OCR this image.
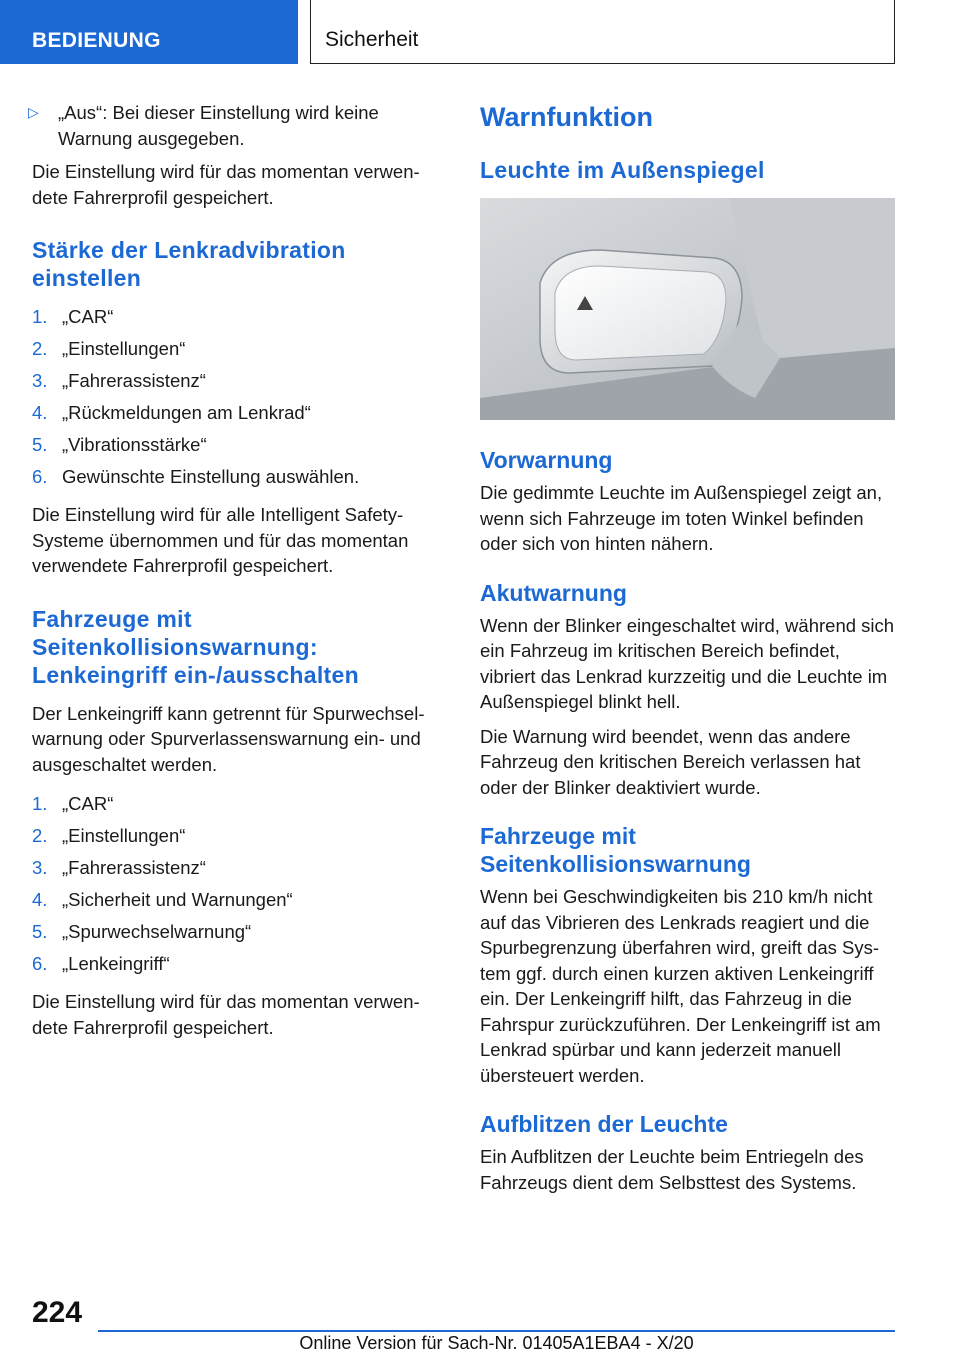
BEDIENUNG	Sicherheit
▷	„Aus“: Bei dieser Einstellung wird keine Warnung ausgegeben.

Die Einstellung wird für das momentan verwendete Fahrerprofil gespeichert.

Stärke der Lenkradvibration einstellen
1. „CAR“
2. „Einstellungen“
3. „Fahrerassistenz“
4. „Rückmeldungen am Lenkrad“
5. „Vibrationsstärke“
6. Gewünschte Einstellung auswählen.

Die Einstellung wird für alle Intelligent Safety-Systeme übernommen und für das momentan verwendete Fahrerprofil gespeichert.

Fahrzeuge mit Seitenkollisionswarnung: Lenkeingriff ein-/ausschalten

Der Lenkeingriff kann getrennt für Spurwechselwarnung oder Spurverlassenswarnung ein- und ausgeschaltet werden.

1. „CAR“
2. „Einstellungen“
3. „Fahrerassistenz“
4. „Sicherheit und Warnungen“
5. „Spurwechselwarnung“
6. „Lenkeingriff“

Die Einstellung wird für das momentan verwendete Fahrerprofil gespeichert.

Warnfunktion
Leuchte im Außenspiegel
Vorwarnung

Die gedimmte Leuchte im Außenspiegel zeigt an, wenn sich Fahrzeuge im toten Winkel befinden oder sich von hinten nähern.

Akutwarnung

Wenn der Blinker eingeschaltet wird, während sich ein Fahrzeug im kritischen Bereich befindet, vibriert das Lenkrad kurzzeitig und die Leuchte im Außenspiegel blinkt hell.

Die Warnung wird beendet, wenn das andere Fahrzeug den kritischen Bereich verlassen hat oder der Blinker deaktiviert wurde.

Fahrzeuge mit Seitenkollisionswarnung

Wenn bei Geschwindigkeiten bis 210 km/h nicht auf das Vibrieren des Lenkrads reagiert und die Spurbegrenzung überfahren wird, greift das System ggf. durch einen kurzen aktiven Lenkeingriff ein. Der Lenkeingriff hilft, das Fahrzeug in die Fahrspur zurückzuführen. Der Lenkeingriff ist am Lenkrad spürbar und kann jederzeit manuell übersteuert werden.

Aufblitzen der Leuchte

Ein Aufblitzen der Leuchte beim Entriegeln des Fahrzeugs dient dem Selbsttest des Systems.

224
Online Version für Sach-Nr. 01405A1EBA4 - X/20
